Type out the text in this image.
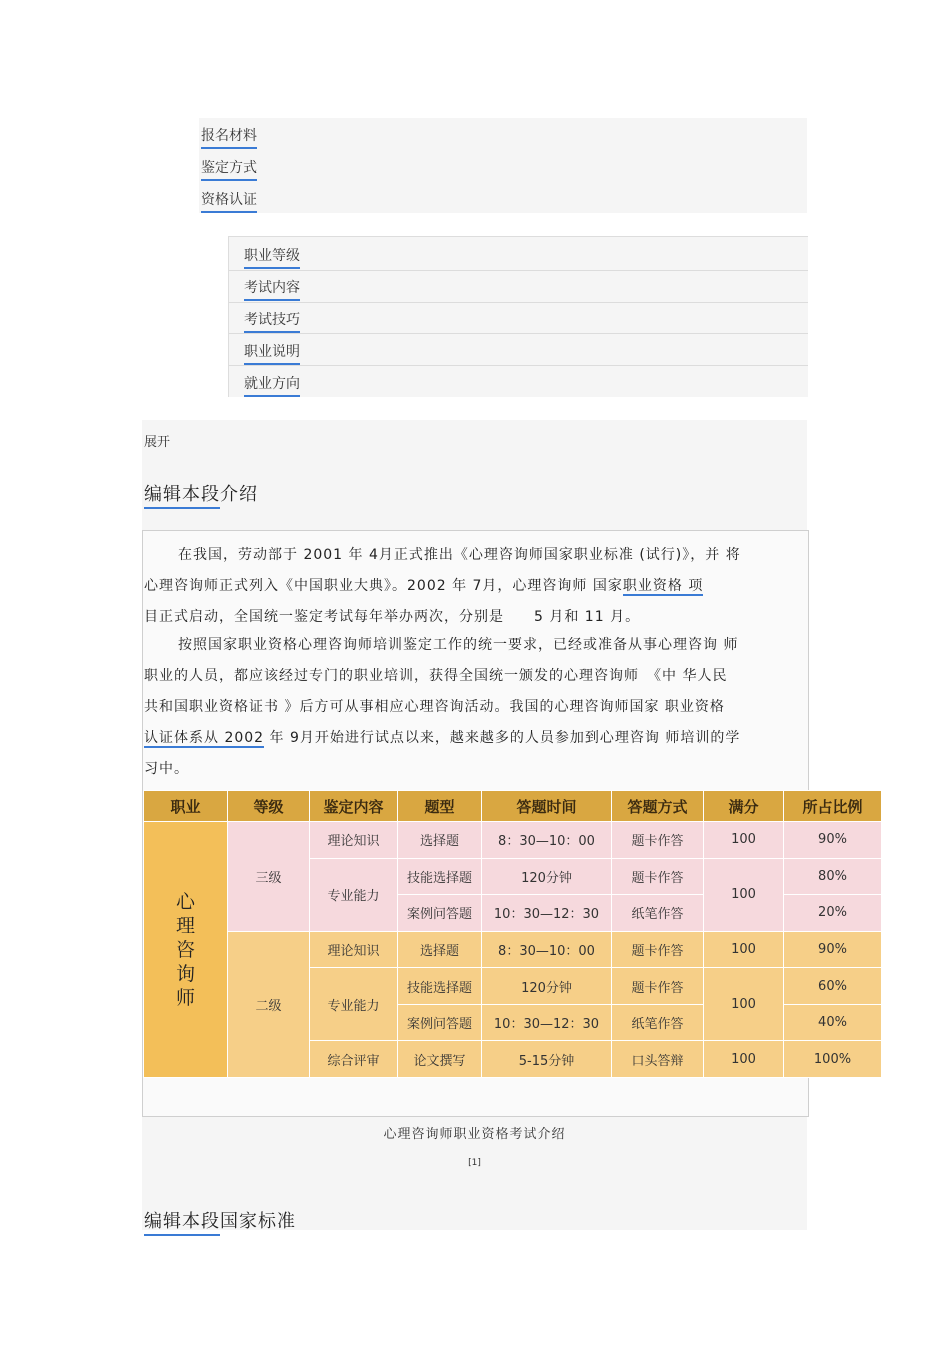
报名材料
鉴定方式
资格认证
职业等级
考试内容
考试技巧
职业说明
就业方向
展开
编辑本段介绍
在我国，劳动部于 2001 年 4月正式推出《心理咨询师国家职业标准 (试行)》，并 将
心理咨询师正式列入《中国职业大典》。2002 年 7月，心理咨询师 国家职业资格 项
目正式启动，全国统一鉴定考试每年举办两次，分别是　　5 月和 11 月。
按照国家职业资格心理咨询师培训鉴定工作的统一要求，已经或准备从事心理咨询 师
职业的人员，都应该经过专门的职业培训，获得全国统一颁发的心理咨询师　《中 华人民
共和国职业资格证书 》后方可从事相应心理咨询活动。我国的心理咨询师国家 职业资格
认证体系从 2002 年 9月开始进行试点以来，越来越多的人员参加到心理咨询 师培训的学
习中。
职业	等级	鉴定内容	题型	答题时间	答题方式	满分	所占比例

心
理
咨
询
师	三级	理论知识	选择题	8：30—10：00	题卡作答	100	90%
		专业能力	技能选择题	120分钟	题卡作答	100	80%
			案例问答题	10：30—12：30	纸笔作答		20%
	二级	理论知识	选择题	8：30—10：00	题卡作答	100	90%
		专业能力	技能选择题	120分钟	题卡作答	100	60%
			案例问答题	10：30—12：30	纸笔作答		40%
		综合评审	论文撰写	5-15分钟	口头答辩	100	100%
心理咨询师职业资格考试介绍
[1]
编辑本段国家标准
